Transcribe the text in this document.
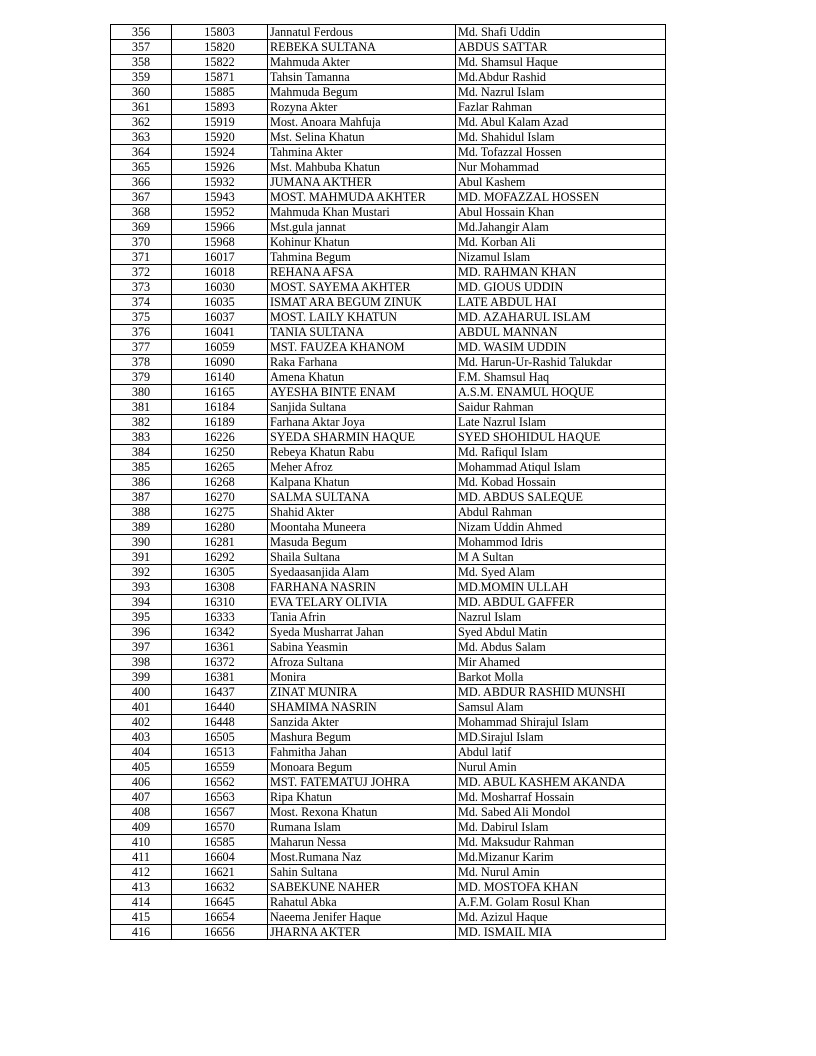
356	15803	Jannatul Ferdous	Md. Shafi Uddin
357	15820	REBEKA SULTANA	ABDUS SATTAR
358	15822	Mahmuda Akter	Md. Shamsul Haque
359	15871	Tahsin Tamanna	Md.Abdur Rashid
360	15885	Mahmuda Begum	Md. Nazrul Islam
361	15893	Rozyna Akter	Fazlar Rahman
362	15919	Most. Anoara Mahfuja	Md. Abul Kalam Azad
363	15920	Mst. Selina Khatun	Md. Shahidul Islam
364	15924	Tahmina Akter	Md. Tofazzal Hossen
365	15926	Mst. Mahbuba Khatun	Nur Mohammad
366	15932	JUMANA AKTHER	Abul Kashem
367	15943	MOST. MAHMUDA AKHTER	MD. MOFAZZAL HOSSEN
368	15952	Mahmuda Khan Mustari	Abul Hossain Khan
369	15966	Mst.gula jannat	Md.Jahangir Alam
370	15968	Kohinur Khatun	Md. Korban Ali
371	16017	Tahmina Begum	Nizamul Islam
372	16018	REHANA AFSA	MD. RAHMAN KHAN
373	16030	MOST. SAYEMA AKHTER	MD. GIOUS UDDIN
374	16035	ISMAT ARA BEGUM ZINUK	LATE ABDUL HAI
375	16037	MOST. LAILY KHATUN	MD. AZAHARUL ISLAM
376	16041	TANIA SULTANA	ABDUL MANNAN
377	16059	MST. FAUZEA KHANOM	MD. WASIM UDDIN
378	16090	Raka Farhana	Md. Harun-Ur-Rashid Talukdar
379	16140	Amena Khatun	F.M. Shamsul Haq
380	16165	AYESHA BINTE ENAM	A.S.M. ENAMUL HOQUE
381	16184	Sanjida Sultana	Saidur Rahman
382	16189	Farhana Aktar Joya	Late Nazrul Islam
383	16226	SYEDA SHARMIN HAQUE	SYED SHOHIDUL HAQUE
384	16250	Rebeya Khatun Rabu	Md. Rafiqul Islam
385	16265	Meher Afroz	Mohammad Atiqul Islam
386	16268	Kalpana Khatun	Md. Kobad Hossain
387	16270	SALMA SULTANA	MD. ABDUS SALEQUE
388	16275	Shahid Akter	Abdul Rahman
389	16280	Moontaha Muneera	Nizam Uddin Ahmed
390	16281	Masuda Begum	Mohammod Idris
391	16292	Shaila Sultana	M A Sultan
392	16305	Syedaasanjida Alam	Md. Syed Alam
393	16308	FARHANA NASRIN	MD.MOMIN ULLAH
394	16310	EVA TELARY OLIVIA	MD. ABDUL GAFFER
395	16333	Tania Afrin	Nazrul Islam
396	16342	Syeda Musharrat Jahan	Syed Abdul Matin
397	16361	Sabina Yeasmin	Md. Abdus Salam
398	16372	Afroza Sultana	Mir Ahamed
399	16381	Monira	Barkot Molla
400	16437	ZINAT MUNIRA	MD. ABDUR RASHID MUNSHI
401	16440	SHAMIMA NASRIN	Samsul Alam
402	16448	Sanzida Akter	Mohammad Shirajul Islam
403	16505	Mashura Begum	MD.Sirajul Islam
404	16513	Fahmitha Jahan	Abdul latif
405	16559	Monoara Begum	Nurul Amin
406	16562	MST. FATEMATUJ JOHRA	MD. ABUL KASHEM AKANDA
407	16563	Ripa Khatun	Md. Mosharraf Hossain
408	16567	Most. Rexona Khatun	Md. Sabed Ali Mondol
409	16570	Rumana Islam	Md. Dabirul Islam
410	16585	Maharun Nessa	Md. Maksudur Rahman
411	16604	Most.Rumana Naz	Md.Mizanur Karim
412	16621	Sahin Sultana	Md. Nurul Amin
413	16632	SABEKUNE NAHER	MD. MOSTOFA KHAN
414	16645	Rahatul Abka	A.F.M. Golam Rosul Khan
415	16654	Naeema Jenifer Haque	Md. Azizul Haque
416	16656	JHARNA AKTER	MD. ISMAIL MIA
